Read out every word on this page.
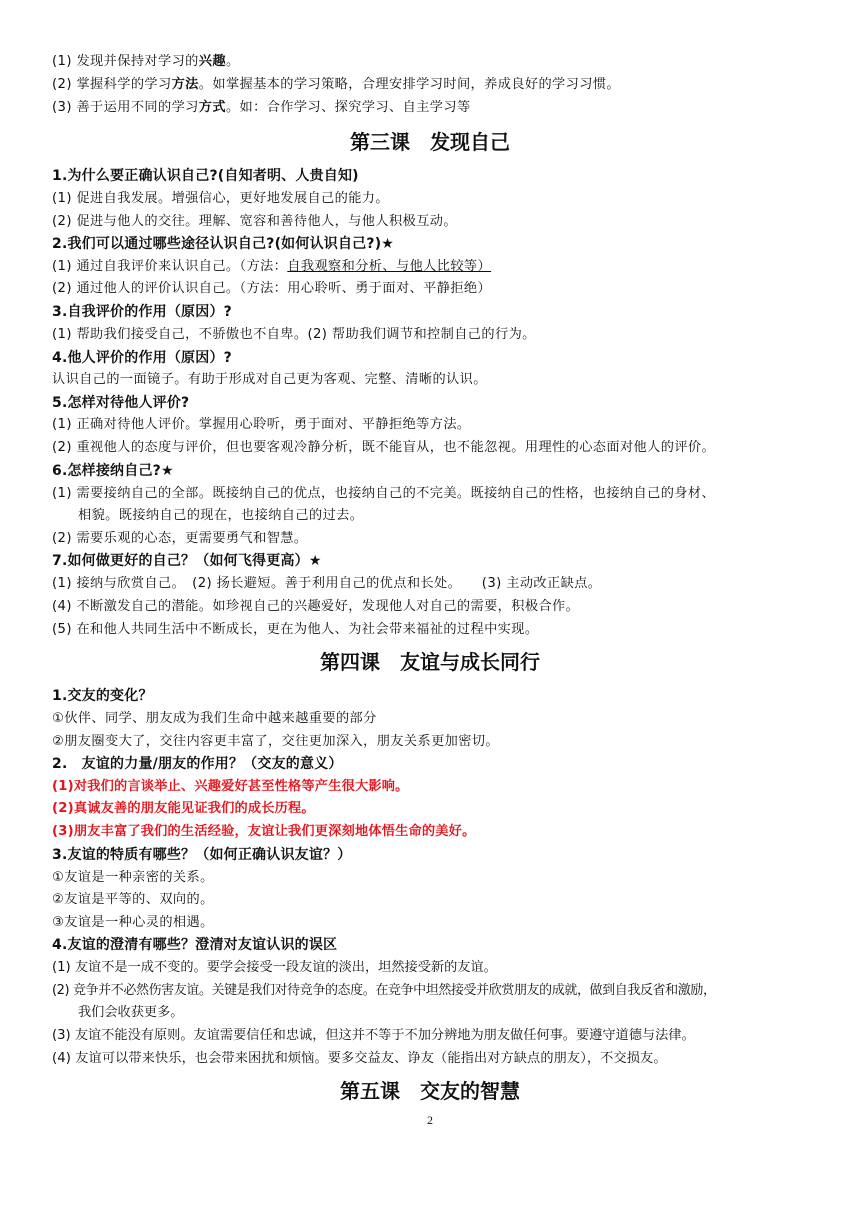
(1) 发现并保持对学习的兴趣。
(2) 掌握科学的学习方法。如掌握基本的学习策略，合理安排学习时间，养成良好的学习习惯。
(3) 善于运用不同的学习方式。如：合作学习、探究学习、自主学习等
第三课　发现自己
1.为什么要正确认识自己?(自知者明、人贵自知)
(1) 促进自我发展。增强信心，更好地发展自己的能力。
(2) 促进与他人的交往。理解、宽容和善待他人，与他人积极互动。
2.我们可以通过哪些途径认识自己?(如何认识自己?)★
(1) 通过自我评价来认识自己。（方法：自我观察和分析、与他人比较等）
(2) 通过他人的评价认识自己。（方法：用心聆听、勇于面对、平静拒绝）
3.自我评价的作用（原因）?
(1) 帮助我们接受自己，不骄傲也不自卑。(2) 帮助我们调节和控制自己的行为。
4.他人评价的作用（原因）?
认识自己的一面镜子。有助于形成对自己更为客观、完整、清晰的认识。
5.怎样对待他人评价?
(1) 正确对待他人评价。掌握用心聆听，勇于面对、平静拒绝等方法。
(2) 重视他人的态度与评价，但也要客观冷静分析，既不能盲从，也不能忽视。用理性的心态面对他人的评价。
6.怎样接纳自己?★
(1) 需要接纳自己的全部。既接纳自己的优点，也接纳自己的不完美。既接纳自己的性格，也接纳自己的身材、
相貌。既接纳自己的现在，也接纳自己的过去。
(2) 需要乐观的心态，更需要勇气和智慧。
7.如何做更好的自己？（如何飞得更高）★
(1) 接纳与欣赏自己。　(2) 扬长避短。善于利用自己的优点和长处。　　(3) 主动改正缺点。
(4) 不断激发自己的潜能。如珍视自己的兴趣爱好，发现他人对自己的需要，积极合作。
(5) 在和他人共同生活中不断成长，更在为他人、为社会带来福祉的过程中实现。
第四课　友谊与成长同行
1.交友的变化？
①伙伴、同学、朋友成为我们生命中越来越重要的部分
②朋友圈变大了，交往内容更丰富了，交往更加深入，朋友关系更加密切。
2.　友谊的力量/朋友的作用？（交友的意义）
(1)对我们的言谈举止、兴趣爱好甚至性格等产生很大影响。
(2)真诚友善的朋友能见证我们的成长历程。
(3)朋友丰富了我们的生活经验，友谊让我们更深刻地体悟生命的美好。
3.友谊的特质有哪些？（如何正确认识友谊？）
①友谊是一种亲密的关系。
②友谊是平等的、双向的。
③友谊是一种心灵的相遇。
4.友谊的澄清有哪些？澄清对友谊认识的误区
(1) 友谊不是一成不变的。要学会接受一段友谊的淡出，坦然接受新的友谊。
(2) 竞争并不必然伤害友谊。关键是我们对待竞争的态度。在竞争中坦然接受并欣赏朋友的成就，做到自我反省和激励，
我们会收获更多。
(3) 友谊不能没有原则。友谊需要信任和忠诚，但这并不等于不加分辨地为朋友做任何事。要遵守道德与法律。
(4) 友谊可以带来快乐，也会带来困扰和烦恼。要多交益友、诤友（能指出对方缺点的朋友），不交损友。
第五课　交友的智慧
2
